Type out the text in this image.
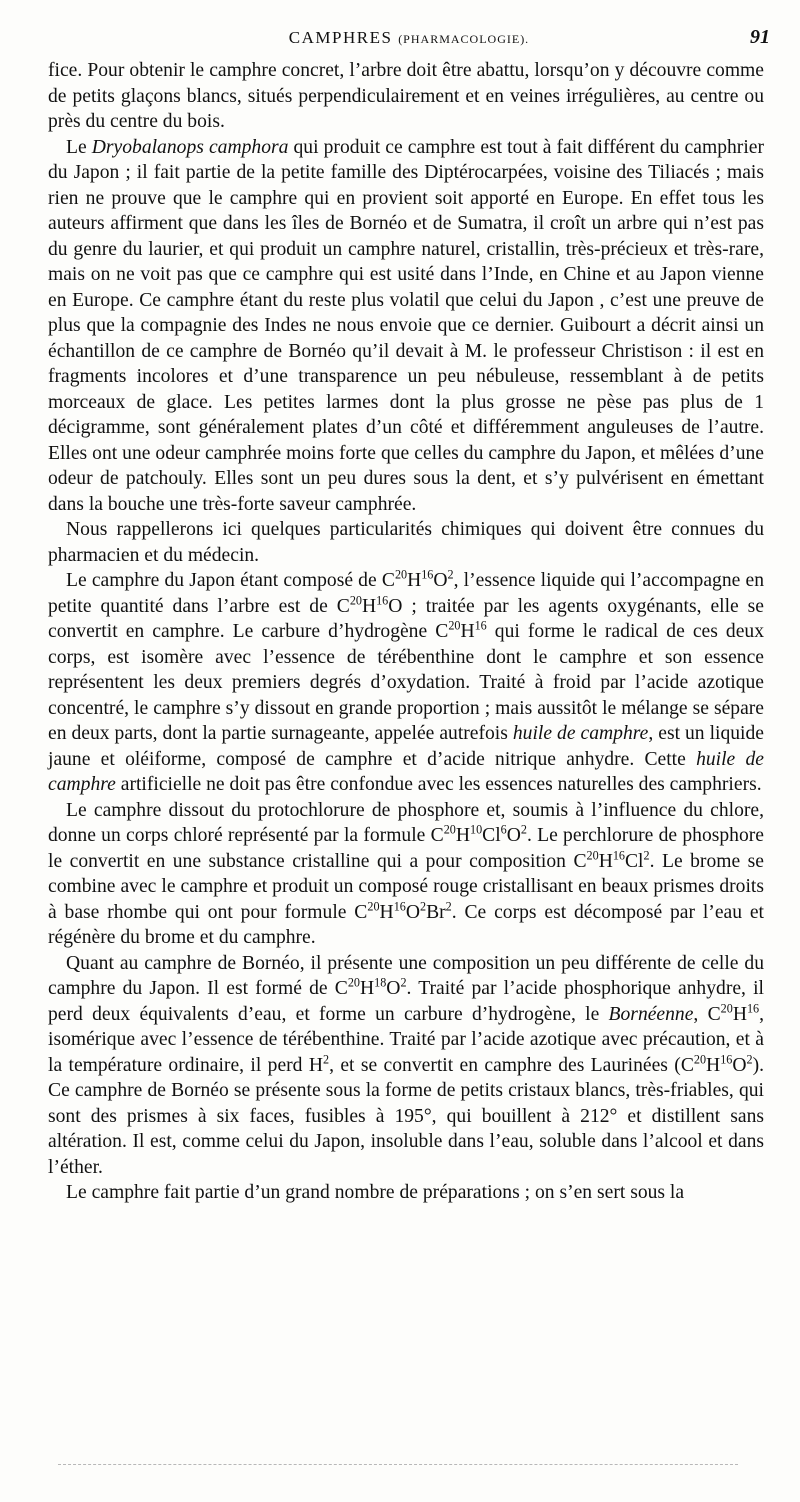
CAMPHRES (PHARMACOLOGIE).	91

fice. Pour obtenir le camphre concret, l’arbre doit être abattu, lorsqu’on y découvre comme de petits glaçons blancs, situés perpendiculairement et en veines irrégulières, au centre ou près du centre du bois.

Le Dryobalanops camphora qui produit ce camphre est tout à fait différent du camphrier du Japon ; il fait partie de la petite famille des Diptérocarpées, voisine des Tiliacés ; mais rien ne prouve que le camphre qui en provient soit apporté en Europe. En effet tous les auteurs affirment que dans les îles de Bornéo et de Sumatra, il croît un arbre qui n’est pas du genre du laurier, et qui produit un camphre naturel, cristallin, très-précieux et très-rare, mais on ne voit pas que ce camphre qui est usité dans l’Inde, en Chine et au Japon vienne en Europe. Ce camphre étant du reste plus volatil que celui du Japon , c’est une preuve de plus que la compagnie des Indes ne nous envoie que ce dernier. Guibourt a décrit ainsi un échantillon de ce camphre de Bornéo qu’il devait à M. le professeur Christison : il est en fragments incolores et d’une transparence un peu nébuleuse, ressemblant à de petits morceaux de glace. Les petites larmes dont la plus grosse ne pèse pas plus de 1 décigramme, sont généralement plates d’un côté et différemment anguleuses de l’autre. Elles ont une odeur camphrée moins forte que celles du camphre du Japon, et mêlées d’une odeur de patchouly. Elles sont un peu dures sous la dent, et s’y pulvérisent en émettant dans la bouche une très-forte saveur camphrée.

Nous rappellerons ici quelques particularités chimiques qui doivent être connues du pharmacien et du médecin.

Le camphre du Japon étant composé de $C^{20}H^{16}O^2$, l’essence liquide qui l’accompagne en petite quantité dans l’arbre est de $C^{20}H^{16}O$ ; traitée par les agents oxygénants, elle se convertit en camphre. Le carbure d’hydrogène $C^{20}H^{16}$ qui forme le radical de ces deux corps, est isomère avec l’essence de térébenthine dont le camphre et son essence représentent les deux premiers degrés d’oxydation. Traité à froid par l’acide azotique concentré, le camphre s’y dissout en grande proportion ; mais aussitôt le mélange se sépare en deux parts, dont la partie surnageante, appelée autrefois huile de camphre, est un liquide jaune et oléiforme, composé de camphre et d’acide nitrique anhydre. Cette huile de camphre artificielle ne doit pas être confondue avec les essences naturelles des camphriers.

Le camphre dissout du protochlorure de phosphore et, soumis à l’influence du chlore, donne un corps chloré représenté par la formule $C^{20}H^{10}Cl^6O^2$. Le perchlorure de phosphore le convertit en une substance cristalline qui a pour composition $C^{20}H^{16}Cl^2$. Le brome se combine avec le camphre et produit un composé rouge cristallisant en beaux prismes droits à base rhombe qui ont pour formule $C^{20}H^{16}O^2Br^2$. Ce corps est décomposé par l’eau et régénère du brome et du camphre.

Quant au camphre de Bornéo, il présente une composition un peu différente de celle du camphre du Japon. Il est formé de $C^{20}H^{18}O^2$. Traité par l’acide phosphorique anhydre, il perd deux équivalents d’eau, et forme un carbure d’hydrogène, le Bornéenne, $C^{20}H^{16}$, isomérique avec l’essence de térébenthine. Traité par l’acide azotique avec précaution, et à la température ordinaire, il perd $H^2$, et se convertit en camphre des Laurinées $(C^{20}H^{16}O^2)$. Ce camphre de Bornéo se présente sous la forme de petits cristaux blancs, très-friables, qui sont des prismes à six faces, fusibles à 195°, qui bouillent à 212° et distillent sans altération. Il est, comme celui du Japon, insoluble dans l’eau, soluble dans l’alcool et dans l’éther.

Le camphre fait partie d’un grand nombre de préparations ; on s’en sert sous la
